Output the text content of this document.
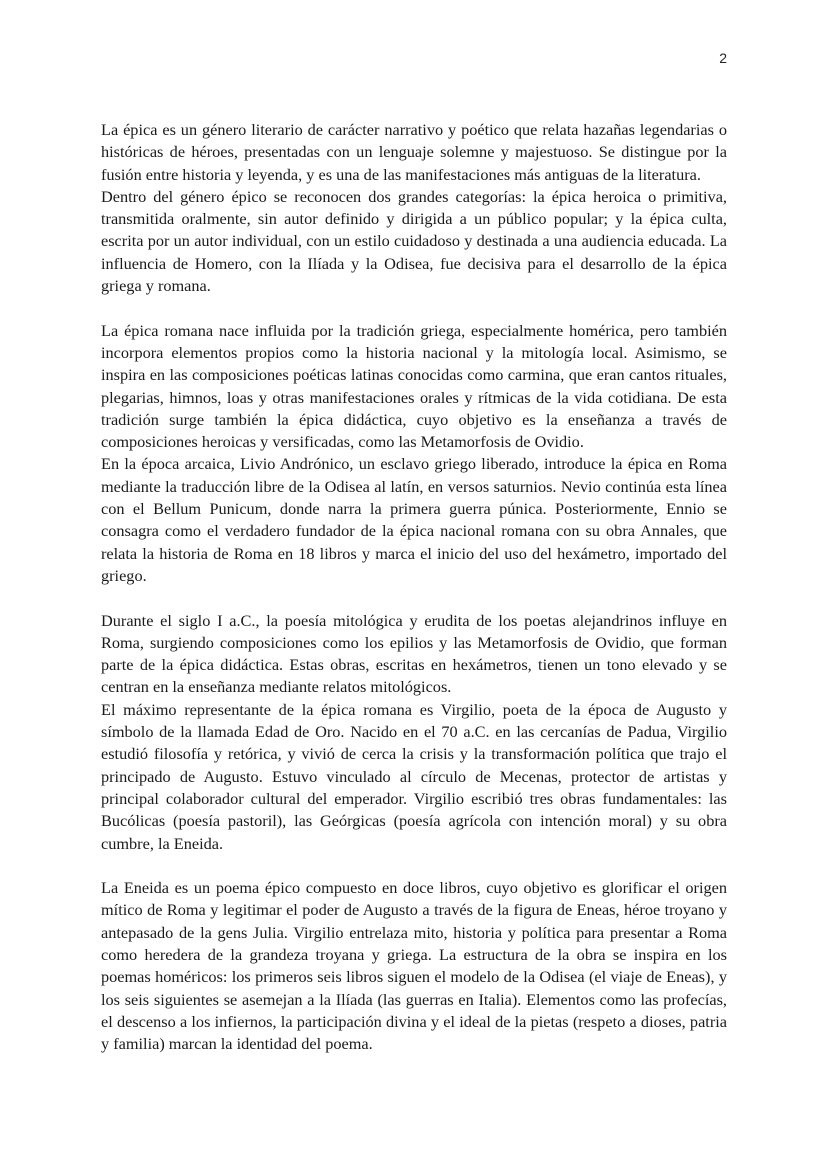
2

La épica es un género literario de carácter narrativo y poético que relata hazañas legendarias o históricas de héroes, presentadas con un lenguaje solemne y majestuoso. Se distingue por la fusión entre historia y leyenda, y es una de las manifestaciones más antiguas de la literatura.

Dentro del género épico se reconocen dos grandes categorías: la épica heroica o primitiva, transmitida oralmente, sin autor definido y dirigida a un público popular; y la épica culta, escrita por un autor individual, con un estilo cuidadoso y destinada a una audiencia educada. La influencia de Homero, con la Ilíada y la Odisea, fue decisiva para el desarrollo de la épica griega y romana.

La épica romana nace influida por la tradición griega, especialmente homérica, pero también incorpora elementos propios como la historia nacional y la mitología local. Asimismo, se inspira en las composiciones poéticas latinas conocidas como carmina, que eran cantos rituales, plegarias, himnos, loas y otras manifestaciones orales y rítmicas de la vida cotidiana. De esta tradición surge también la épica didáctica, cuyo objetivo es la enseñanza a través de composiciones heroicas y versificadas, como las Metamorfosis de Ovidio.

En la época arcaica, Livio Andrónico, un esclavo griego liberado, introduce la épica en Roma mediante la traducción libre de la Odisea al latín, en versos saturnios. Nevio continúa esta línea con el Bellum Punicum, donde narra la primera guerra púnica. Posteriormente, Ennio se consagra como el verdadero fundador de la épica nacional romana con su obra Annales, que relata la historia de Roma en 18 libros y marca el inicio del uso del hexámetro, importado del griego.

Durante el siglo I a.C., la poesía mitológica y erudita de los poetas alejandrinos influye en Roma, surgiendo composiciones como los epilios y las Metamorfosis de Ovidio, que forman parte de la épica didáctica. Estas obras, escritas en hexámetros, tienen un tono elevado y se centran en la enseñanza mediante relatos mitológicos.

El máximo representante de la épica romana es Virgilio, poeta de la época de Augusto y símbolo de la llamada Edad de Oro. Nacido en el 70 a.C. en las cercanías de Padua, Virgilio estudió filosofía y retórica, y vivió de cerca la crisis y la transformación política que trajo el principado de Augusto. Estuvo vinculado al círculo de Mecenas, protector de artistas y principal colaborador cultural del emperador. Virgilio escribió tres obras fundamentales: las Bucólicas (poesía pastoril), las Geórgicas (poesía agrícola con intención moral) y su obra cumbre, la Eneida.

La Eneida es un poema épico compuesto en doce libros, cuyo objetivo es glorificar el origen mítico de Roma y legitimar el poder de Augusto a través de la figura de Eneas, héroe troyano y antepasado de la gens Julia. Virgilio entrelaza mito, historia y política para presentar a Roma como heredera de la grandeza troyana y griega. La estructura de la obra se inspira en los poemas homéricos: los primeros seis libros siguen el modelo de la Odisea (el viaje de Eneas), y los seis siguientes se asemejan a la Ilíada (las guerras en Italia). Elementos como las profecías, el descenso a los infiernos, la participación divina y el ideal de la pietas (respeto a dioses, patria y familia) marcan la identidad del poema.
